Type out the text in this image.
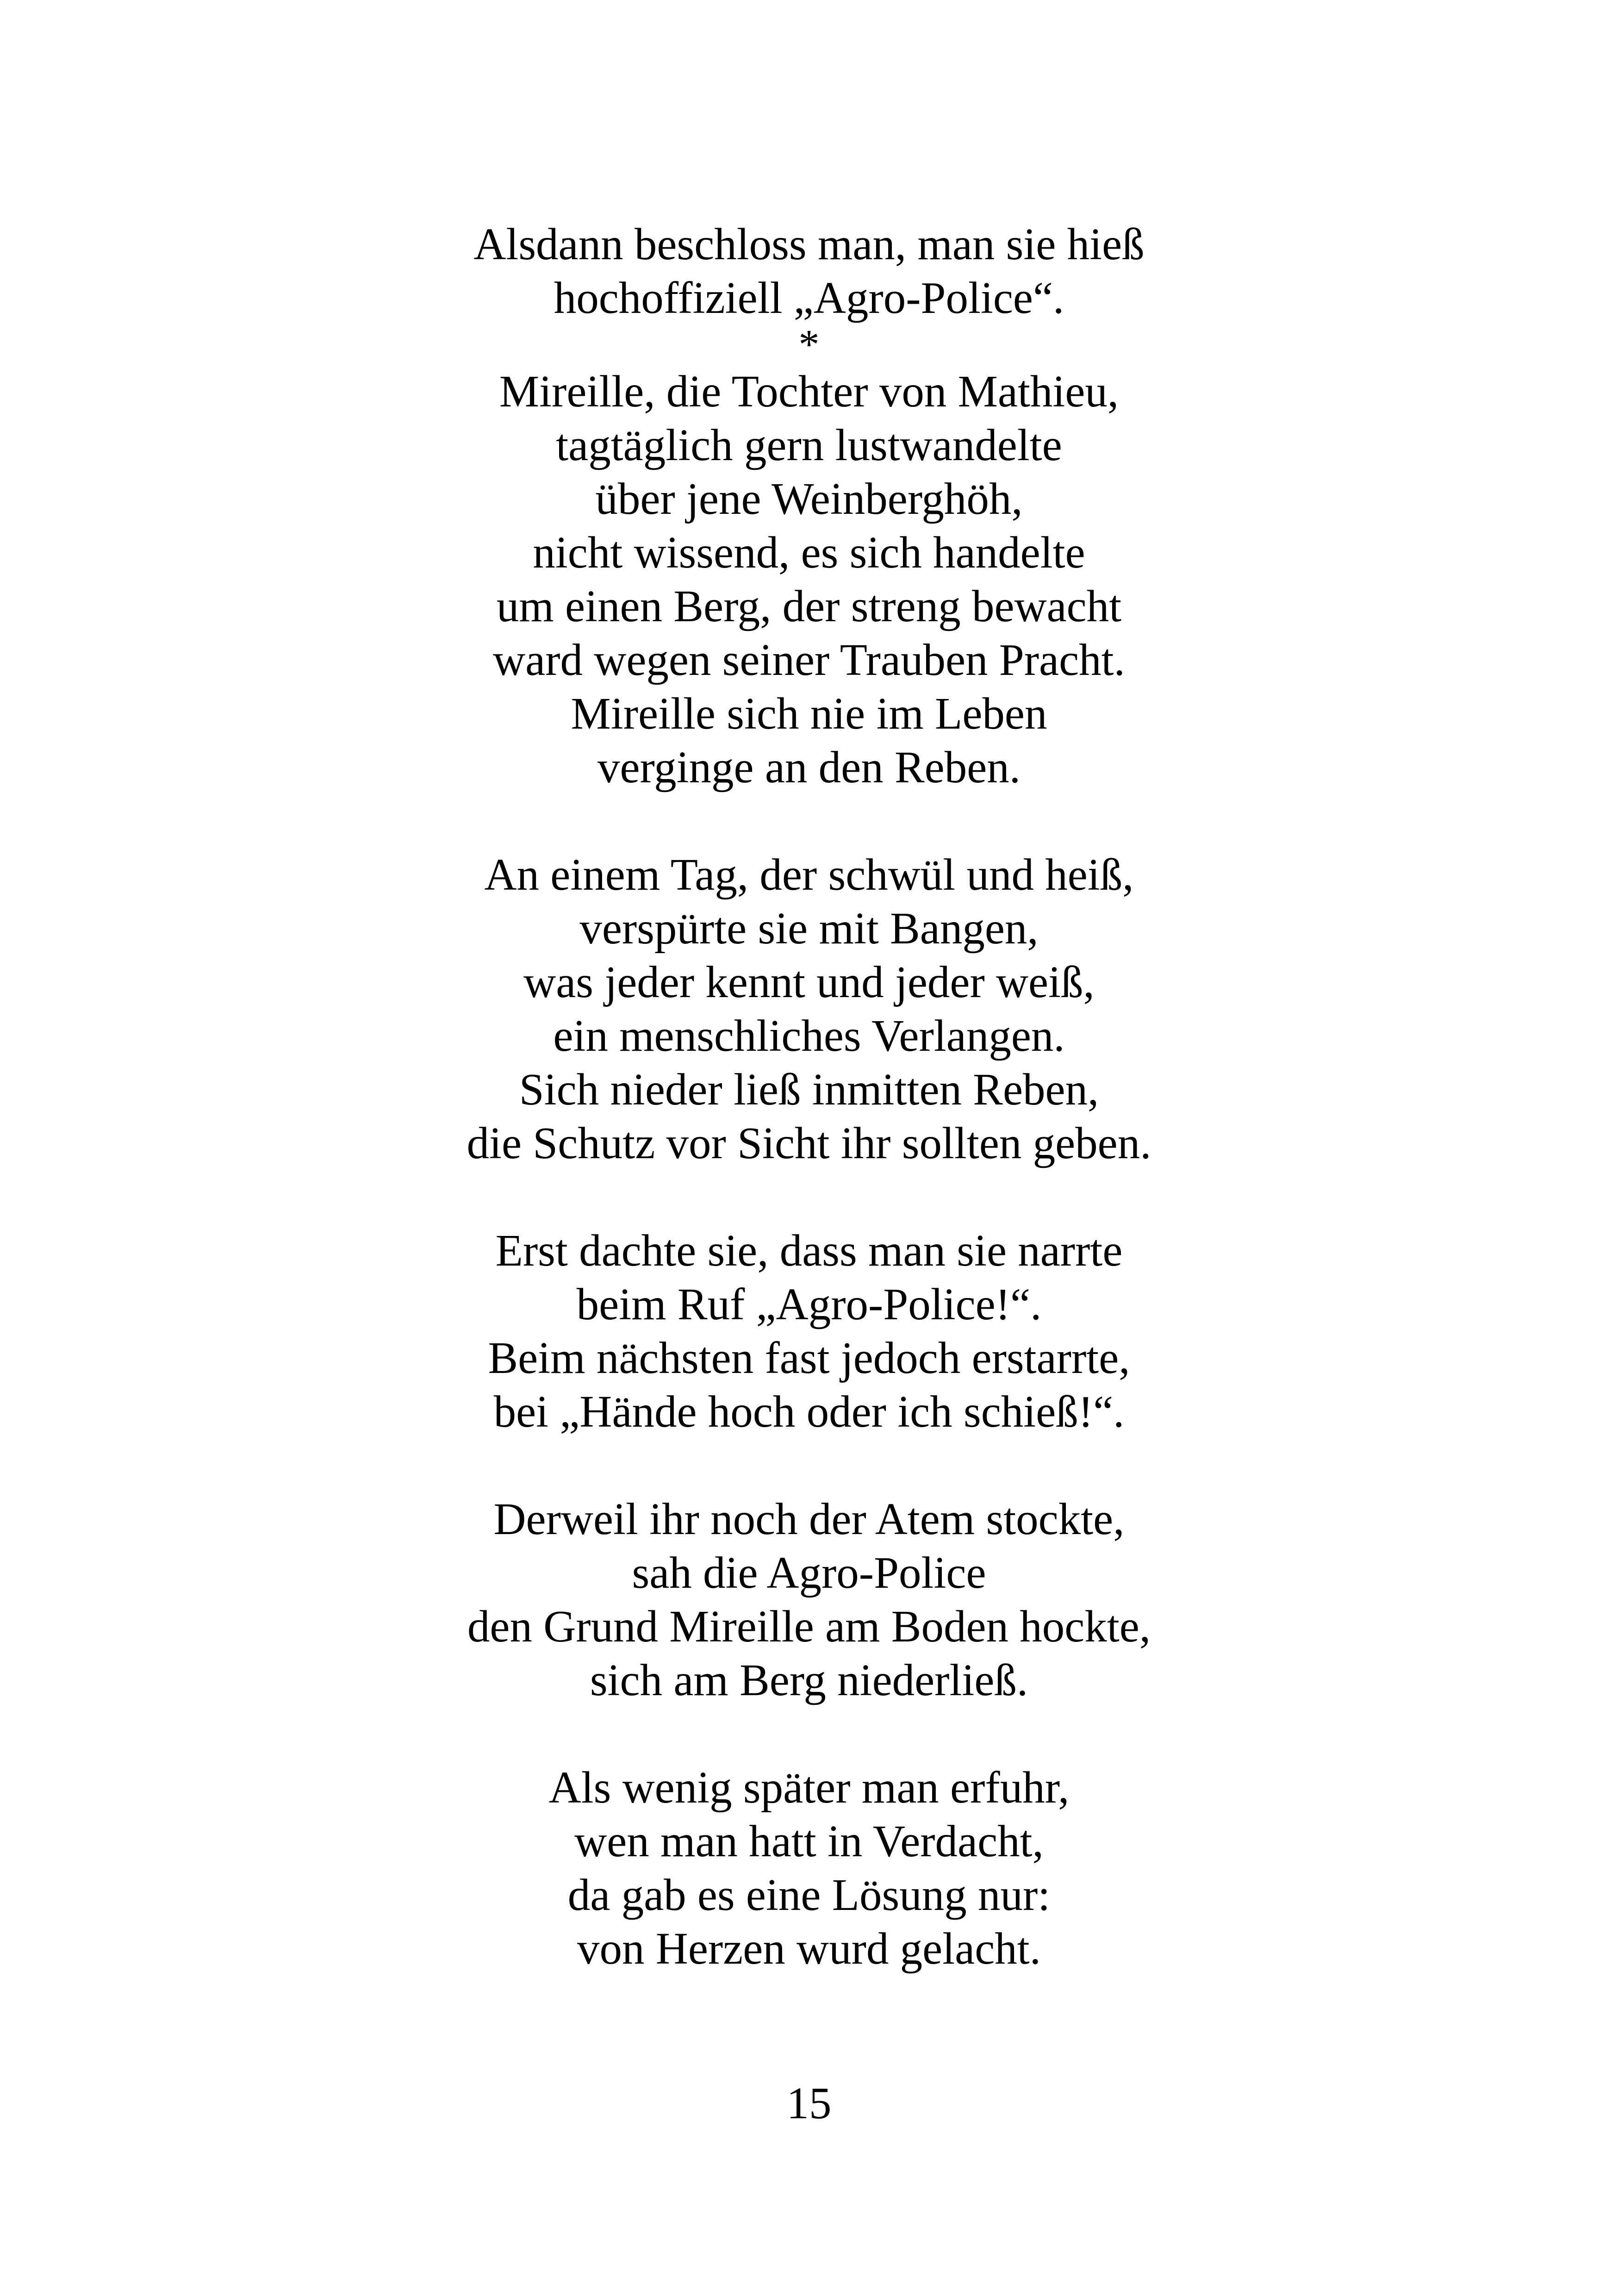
Alsdann beschloss man, man sie hieß
hochoffiziell „Agro-Police“.
*
Mireille, die Tochter von Mathieu,
tagtäglich gern lustwandelte
über jene Weinberghöh,
nicht wissend, es sich handelte
um einen Berg, der streng bewacht
ward wegen seiner Trauben Pracht.
Mireille sich nie im Leben
verginge an den Reben.
An einem Tag, der schwül und heiß,
verspürte sie mit Bangen,
was jeder kennt und jeder weiß,
ein menschliches Verlangen.
Sich nieder ließ inmitten Reben,
die Schutz vor Sicht ihr sollten geben.
Erst dachte sie, dass man sie narrte
beim Ruf „Agro-Police!“.
Beim nächsten fast jedoch erstarrte,
bei „Hände hoch oder ich schieß!“.
Derweil ihr noch der Atem stockte,
sah die Agro-Police
den Grund Mireille am Boden hockte,
sich am Berg niederließ.
Als wenig später man erfuhr,
wen man hatt in Verdacht,
da gab es eine Lösung nur:
von Herzen wurd gelacht.
15
